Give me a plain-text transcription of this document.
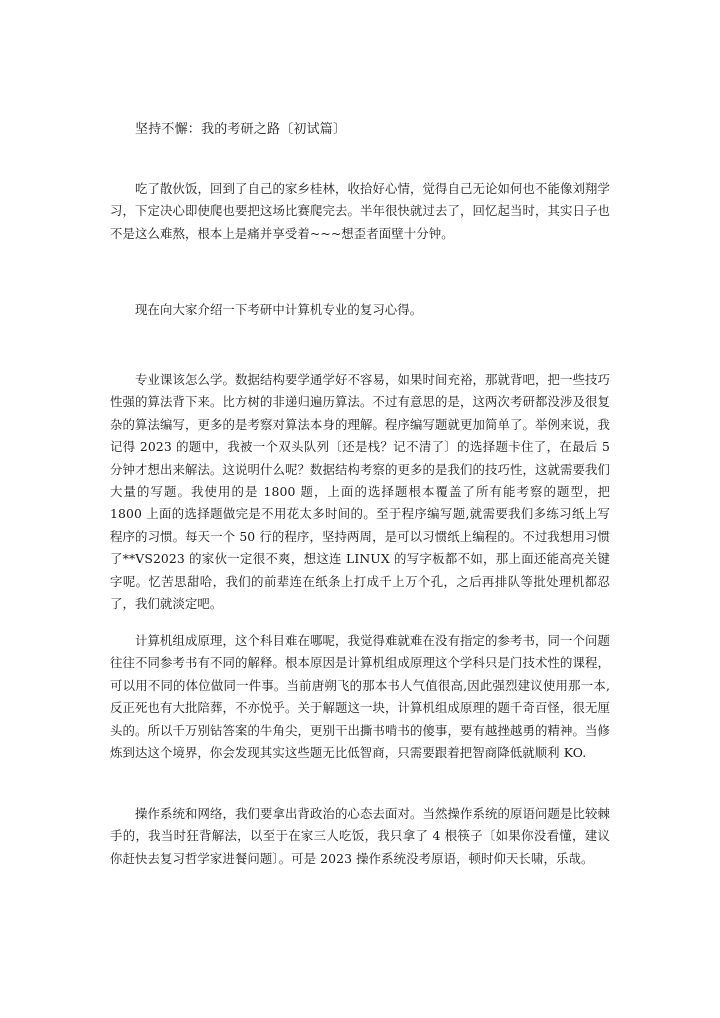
坚持不懈：我的考研之路〔初试篇〕

吃了散伙饭，回到了自己的家乡桂林，收拾好心情，觉得自己无论如何也不能像刘翔学习，下定决心即使爬也要把这场比赛爬完去。半年很快就过去了，回忆起当时，其实日子也不是这么难熬，根本上是痛并享受着~~~想歪者面壁十分钟。

现在向大家介绍一下考研中计算机专业的复习心得。

专业课该怎么学。数据结构要学通学好不容易，如果时间充裕，那就背吧，把一些技巧性强的算法背下来。比方树的非递归遍历算法。不过有意思的是，这两次考研都没涉及很复杂的算法编写，更多的是考察对算法本身的理解。程序编写题就更加简单了。举例来说，我记得 2023 的题中，我被一个双头队列〔还是栈？记不清了〕的选择题卡住了，在最后 5 分钟才想出来解法。这说明什么呢？数据结构考察的更多的是我们的技巧性，这就需要我们大量的写题。我使用的是 1800 题，上面的选择题根本覆盖了所有能考察的题型，把 1800 上面的选择题做完是不用花太多时间的。至于程序编写题,就需要我们多练习纸上写程序的习惯。每天一个 50 行的程序，坚持两周，是可以习惯纸上编程的。不过我想用习惯了**VS2023 的家伙一定很不爽，想这连 LINUX 的写字板都不如，那上面还能高亮关键字呢。忆苦思甜哈，我们的前辈连在纸条上打成千上万个孔，之后再排队等批处理机都忍了，我们就淡定吧。

计算机组成原理，这个科目难在哪呢，我觉得难就难在没有指定的参考书，同一个问题往往不同参考书有不同的解释。根本原因是计算机组成原理这个学科只是门技术性的课程，可以用不同的体位做同一件事。当前唐朔飞的那本书人气值很高,因此强烈建议使用那一本,反正死也有大批陪葬，不亦悦乎。关于解题这一块，计算机组成原理的题千奇百怪，很无厘头的。所以千万别钻答案的牛角尖，更别干出撕书啃书的傻事，要有越挫越勇的精神。当修炼到达这个境界，你会发现其实这些题无比低智商，只需要跟着把智商降低就顺利 KO.

操作系统和网络，我们要拿出背政治的心态去面对。当然操作系统的原语问题是比较棘手的，我当时狂背解法，以至于在家三人吃饭，我只拿了 4 根筷子〔如果你没看懂，建议你赶快去复习哲学家进餐问题〕。可是 2023 操作系统没考原语，顿时仰天长啸，乐哉。
